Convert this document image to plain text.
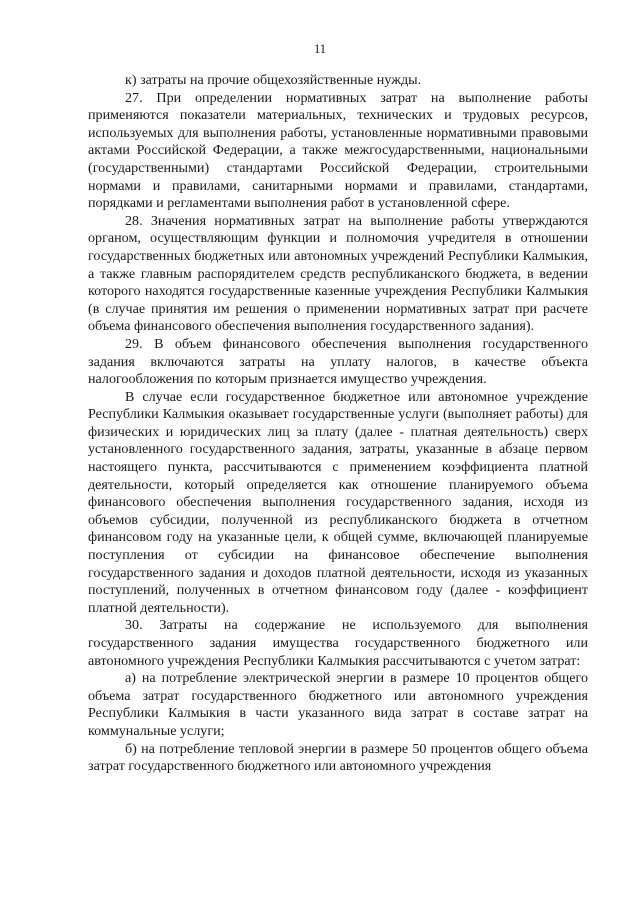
11

к) затраты на прочие общехозяйственные нужды.

27. При определении нормативных затрат на выполнение работы применяются показатели материальных, технических и трудовых ресурсов, используемых для выполнения работы, установленные нормативными правовыми актами Российской Федерации, а также межгосударственными, национальными (государственными) стандартами Российской Федерации, строительными нормами и правилами, санитарными нормами и правилами, стандартами, порядками и регламентами выполнения работ в установленной сфере.

28. Значения нормативных затрат на выполнение работы утверждаются органом, осуществляющим функции и полномочия учредителя в отношении государственных бюджетных или автономных учреждений Республики Калмыкия, а также главным распорядителем средств республиканского бюджета, в ведении которого находятся государственные казенные учреждения Республики Калмыкия (в случае принятия им решения о применении нормативных затрат при расчете объема финансового обеспечения выполнения государственного задания).

29. В объем финансового обеспечения выполнения государственного задания включаются затраты на уплату налогов, в качестве объекта налогообложения по которым признается имущество учреждения.

В случае если государственное бюджетное или автономное учреждение Республики Калмыкия оказывает государственные услуги (выполняет работы) для физических и юридических лиц за плату (далее - платная деятельность) сверх установленного государственного задания, затраты, указанные в абзаце первом настоящего пункта, рассчитываются с применением коэффициента платной деятельности, который определяется как отношение планируемого объема финансового обеспечения выполнения государственного задания, исходя из объемов субсидии, полученной из республиканского бюджета в отчетном финансовом году на указанные цели, к общей сумме, включающей планируемые поступления от субсидии на финансовое обеспечение выполнения государственного задания и доходов платной деятельности, исходя из указанных поступлений, полученных в отчетном финансовом году (далее - коэффициент платной деятельности).

30. Затраты на содержание не используемого для выполнения государственного задания имущества государственного бюджетного или автономного учреждения Республики Калмыкия рассчитываются с учетом затрат:

а) на потребление электрической энергии в размере 10 процентов общего объема затрат государственного бюджетного или автономного учреждения Республики Калмыкия в части указанного вида затрат в составе затрат на коммунальные услуги;

б) на потребление тепловой энергии в размере 50 процентов общего объема затрат государственного бюджетного или автономного учреждения
